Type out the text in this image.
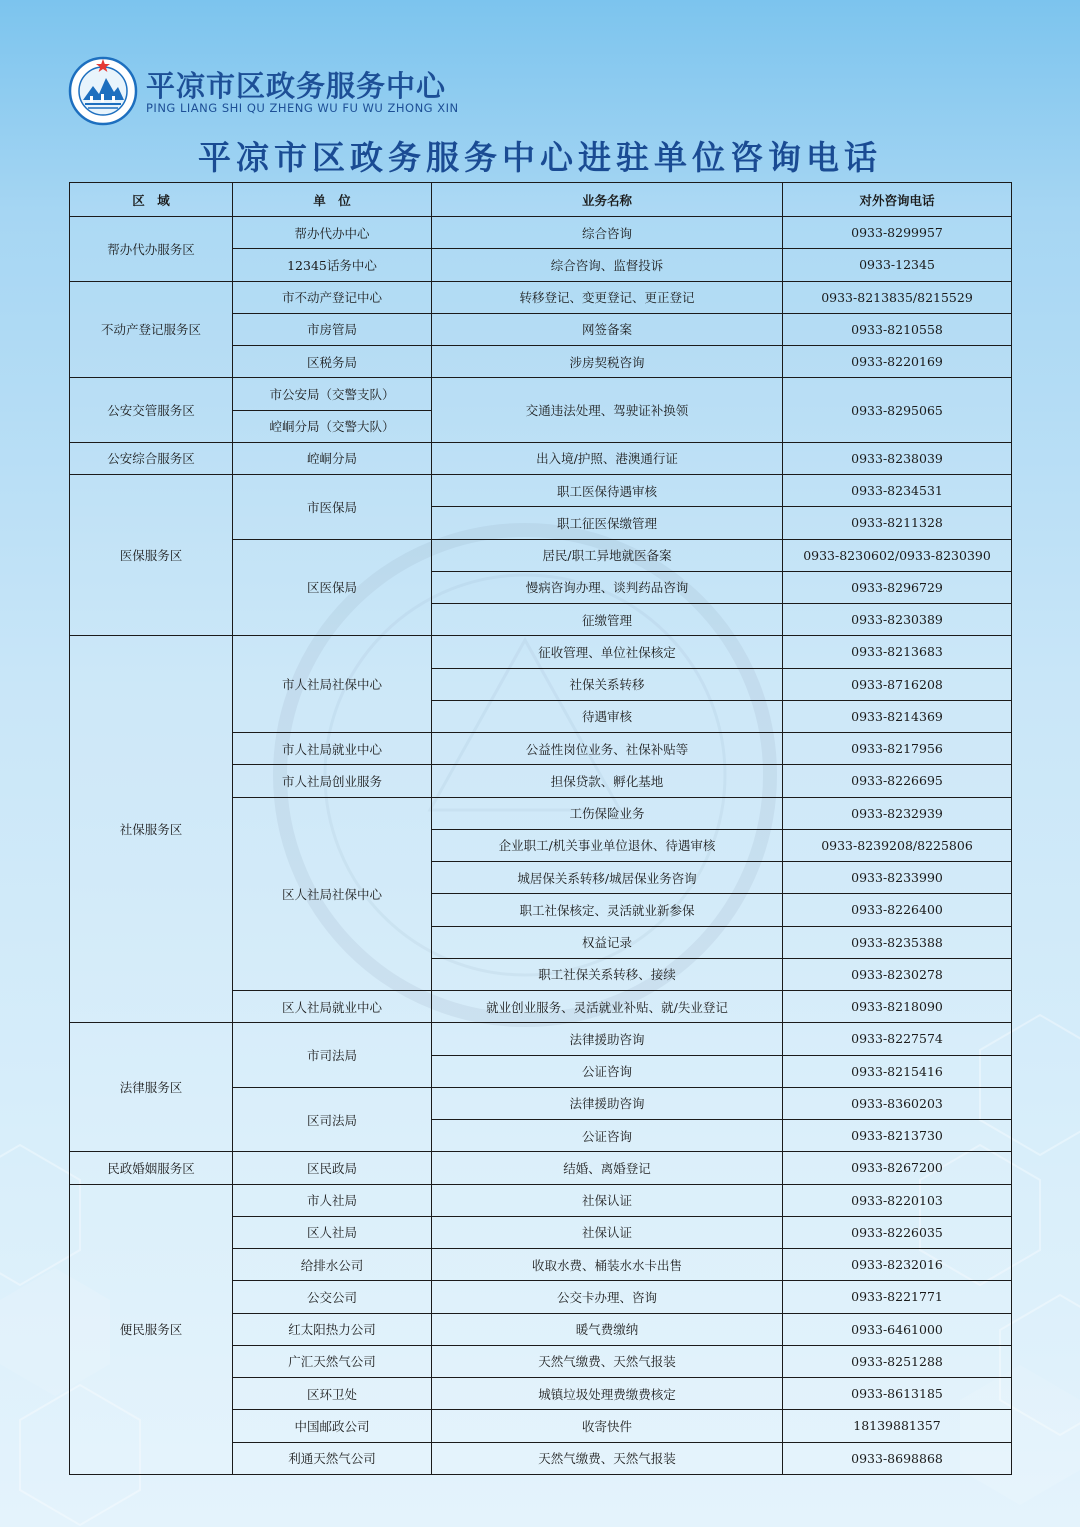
平凉市区政务服务中心
PING LIANG SHI QU ZHENG WU FU WU ZHONG XIN
平凉市区政务服务中心进驻单位咨询电话
区　域	单　位	业务名称	对外咨询电话
帮办代办服务区	帮办代办中心	综合咨询	0933-8299957
	12345话务中心	综合咨询、监督投诉	0933-12345
不动产登记服务区	市不动产登记中心	转移登记、变更登记、更正登记	0933-8213835/8215529
	市房管局	网签备案	0933-8210558
	区税务局	涉房契税咨询	0933-8220169
公安交管服务区	市公安局（交警支队）	交通违法处理、驾驶证补换领	0933-8295065
	崆峒分局（交警大队）		
公安综合服务区	崆峒分局	出入境/护照、港澳通行证	0933-8238039
医保服务区	市医保局	职工医保待遇审核	0933-8234531
		职工征医保缴管理	0933-8211328
	区医保局	居民/职工异地就医备案	0933-8230602/0933-8230390
		慢病咨询办理、谈判药品咨询	0933-8296729
		征缴管理	0933-8230389
社保服务区	市人社局社保中心	征收管理、单位社保核定	0933-8213683
		社保关系转移	0933-8716208
		待遇审核	0933-8214369
	市人社局就业中心	公益性岗位业务、社保补贴等	0933-8217956
	市人社局创业服务	担保贷款、孵化基地	0933-8226695
	区人社局社保中心	工伤保险业务	0933-8232939
		企业职工/机关事业单位退休、待遇审核	0933-8239208/8225806
		城居保关系转移/城居保业务咨询	0933-8233990
		职工社保核定、灵活就业新参保	0933-8226400
		权益记录	0933-8235388
		职工社保关系转移、接续	0933-8230278
	区人社局就业中心	就业创业服务、灵活就业补贴、就/失业登记	0933-8218090
法律服务区	市司法局	法律援助咨询	0933-8227574
		公证咨询	0933-8215416
	区司法局	法律援助咨询	0933-8360203
		公证咨询	0933-8213730
民政婚姻服务区	区民政局	结婚、离婚登记	0933-8267200
便民服务区	市人社局	社保认证	0933-8220103
	区人社局	社保认证	0933-8226035
	给排水公司	收取水费、桶装水水卡出售	0933-8232016
	公交公司	公交卡办理、咨询	0933-8221771
	红太阳热力公司	暖气费缴纳	0933-6461000
	广汇天然气公司	天然气缴费、天然气报装	0933-8251288
	区环卫处	城镇垃圾处理费缴费核定	0933-8613185
	中国邮政公司	收寄快件	18139881357
	利通天然气公司	天然气缴费、天然气报装	0933-8698868
